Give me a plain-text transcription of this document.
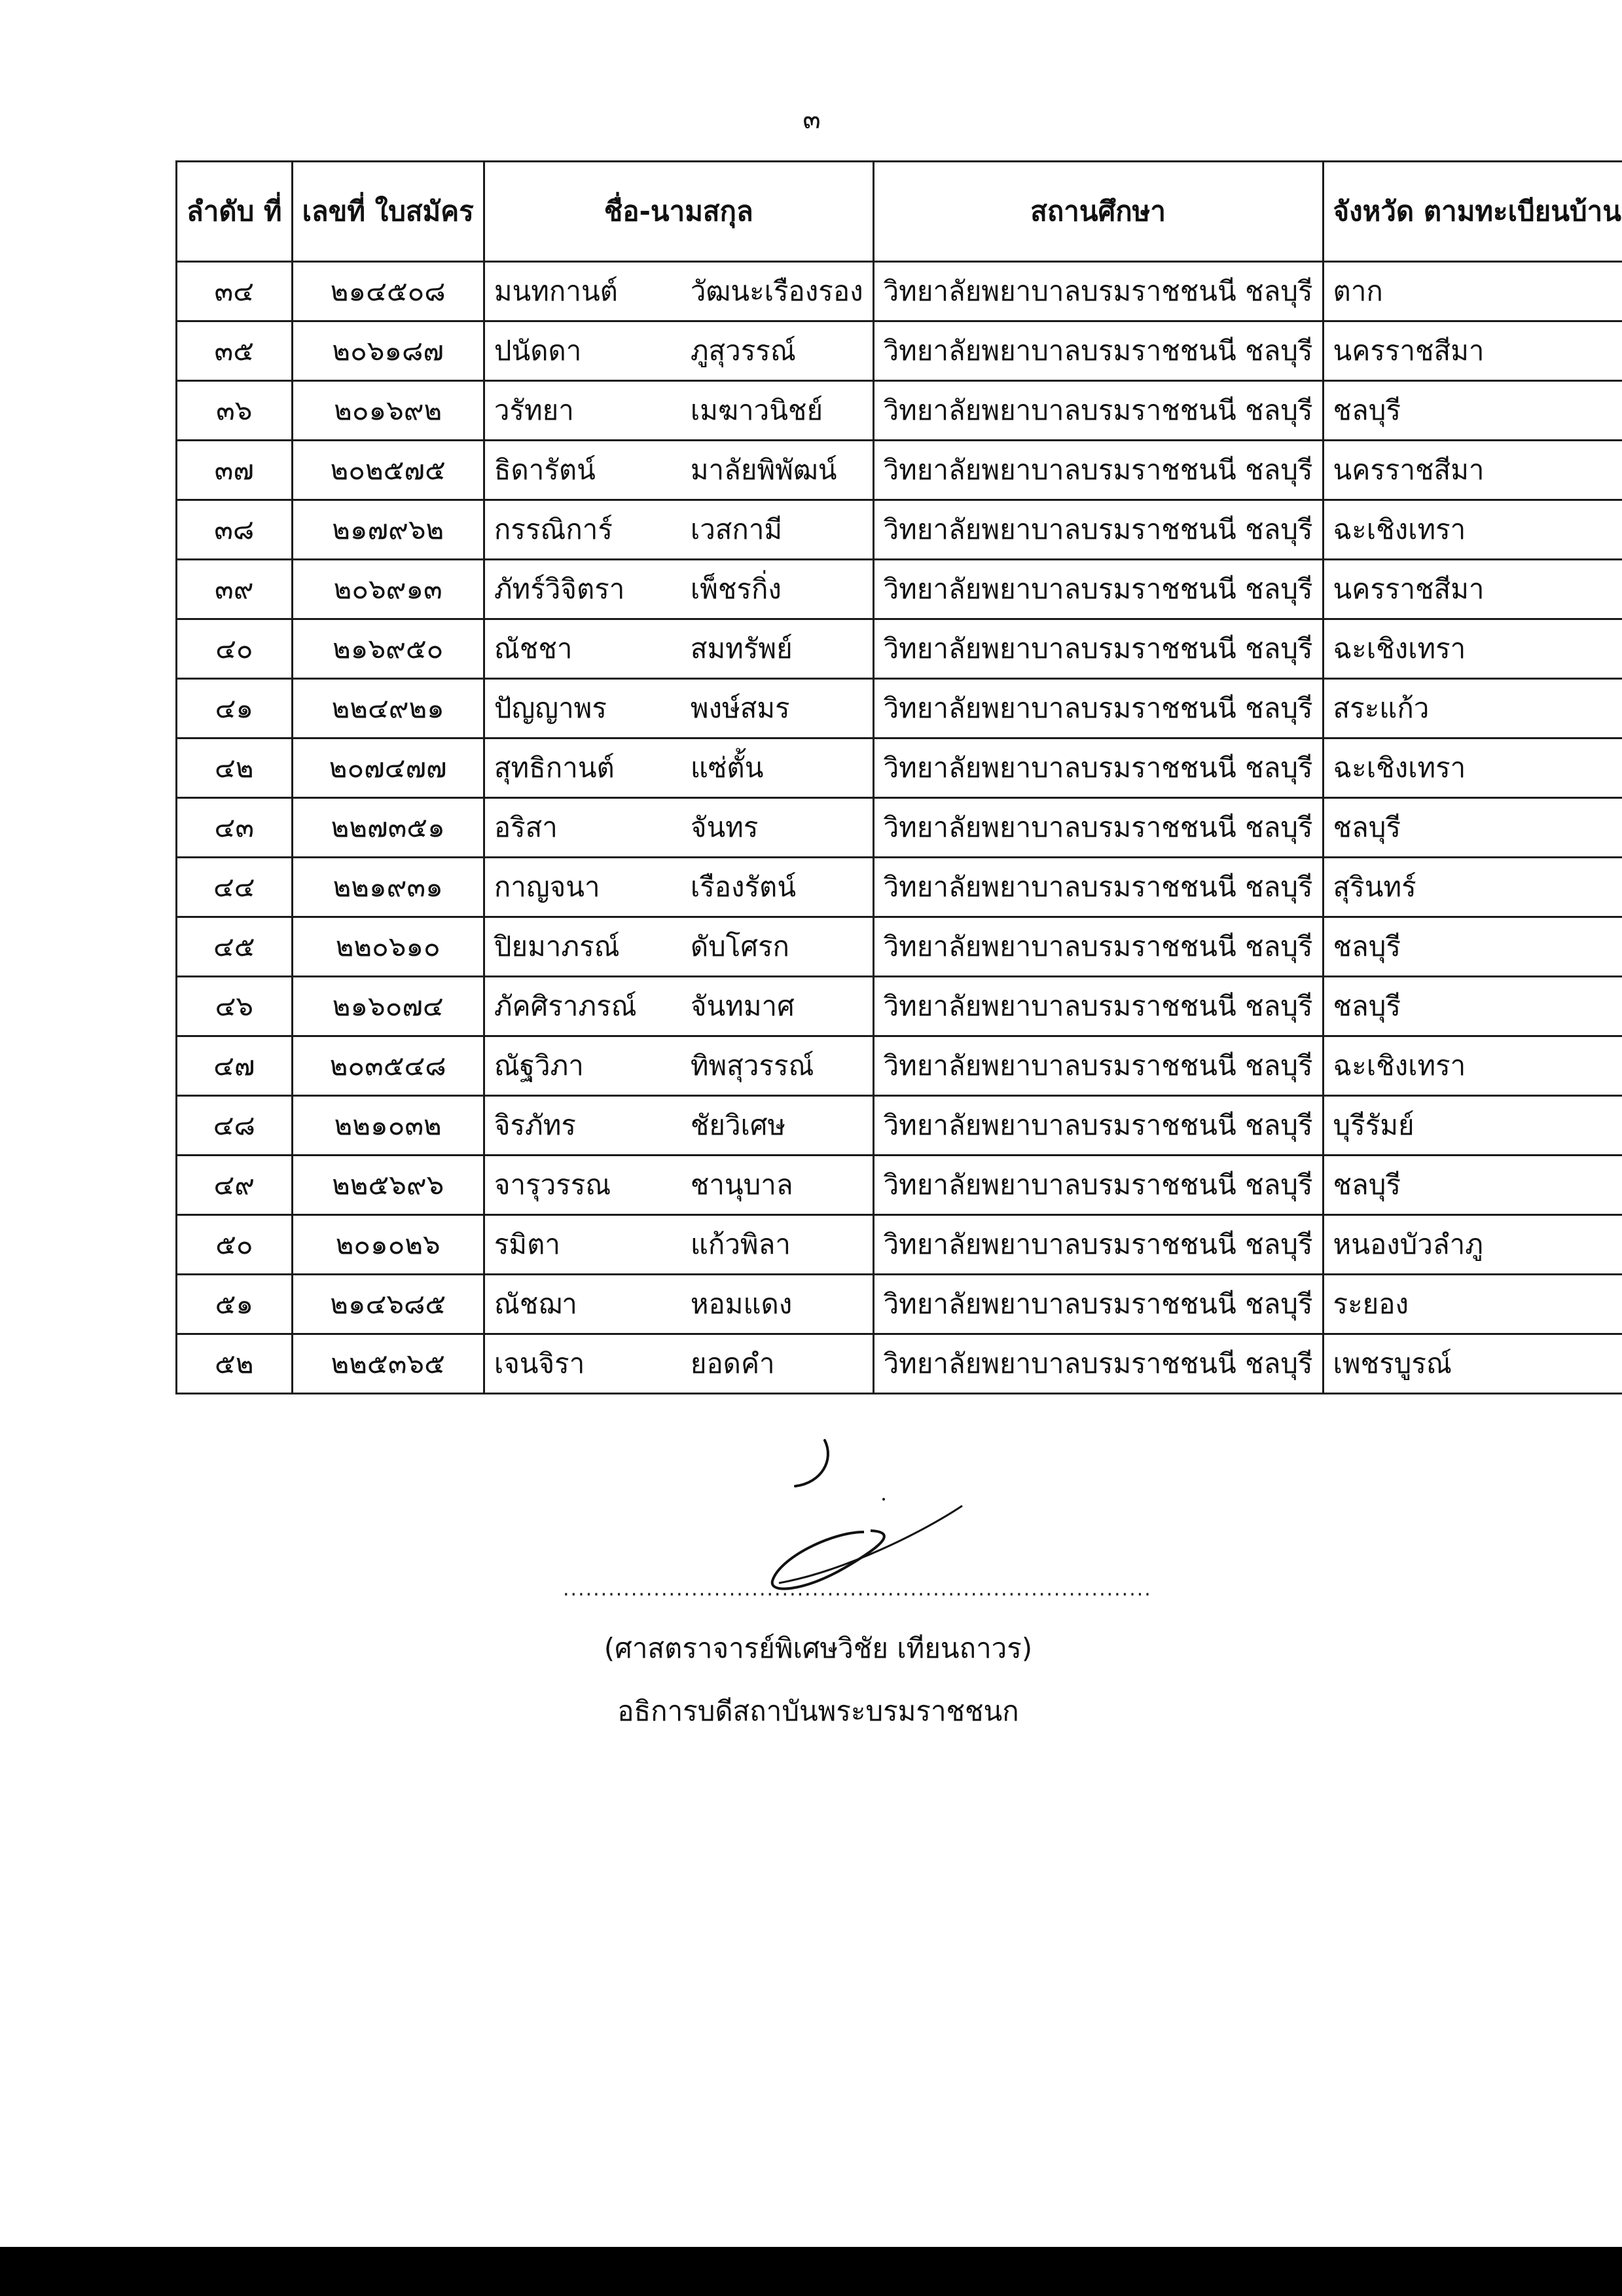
๓
ลำดับ ที่	เลขที่ ใบสมัคร	ชื่อ-นามสกุล	สถานศึกษา	จังหวัด ตามทะเบียนบ้าน
๓๔	๒๑๔๕๐๘	มนทกานต์ วัฒนะเรืองรอง	วิทยาลัยพยาบาลบรมราชชนนี ชลบุรี	ตาก
๓๕	๒๐๖๑๘๗	ปนัดดา ภูสุวรรณ์	วิทยาลัยพยาบาลบรมราชชนนี ชลบุรี	นครราชสีมา
๓๖	๒๐๑๖๙๒	วรัทยา เมฆาวนิชย์	วิทยาลัยพยาบาลบรมราชชนนี ชลบุรี	ชลบุรี
๓๗	๒๐๒๕๗๕	ธิดารัตน์ มาลัยพิพัฒน์	วิทยาลัยพยาบาลบรมราชชนนี ชลบุรี	นครราชสีมา
๓๘	๒๑๗๙๖๒	กรรณิการ์ เวสกามี	วิทยาลัยพยาบาลบรมราชชนนี ชลบุรี	ฉะเชิงเทรา
๓๙	๒๐๖๙๑๓	ภัทร์วิจิตรา เพ็ชรกิ่ง	วิทยาลัยพยาบาลบรมราชชนนี ชลบุรี	นครราชสีมา
๔๐	๒๑๖๙๕๐	ณัชชา สมทรัพย์	วิทยาลัยพยาบาลบรมราชชนนี ชลบุรี	ฉะเชิงเทรา
๔๑	๒๒๔๙๒๑	ปัญญาพร พงษ์สมร	วิทยาลัยพยาบาลบรมราชชนนี ชลบุรี	สระแก้ว
๔๒	๒๐๗๔๗๗	สุทธิกานต์ แซ่ตั้น	วิทยาลัยพยาบาลบรมราชชนนี ชลบุรี	ฉะเชิงเทรา
๔๓	๒๒๗๓๕๑	อริสา จันทร	วิทยาลัยพยาบาลบรมราชชนนี ชลบุรี	ชลบุรี
๔๔	๒๒๑๙๓๑	กาญจนา เรืองรัตน์	วิทยาลัยพยาบาลบรมราชชนนี ชลบุรี	สุรินทร์
๔๕	๒๒๐๖๑๐	ปิยมาภรณ์ ดับโศรก	วิทยาลัยพยาบาลบรมราชชนนี ชลบุรี	ชลบุรี
๔๖	๒๑๖๐๗๔	ภัคศิราภรณ์ จันทมาศ	วิทยาลัยพยาบาลบรมราชชนนี ชลบุรี	ชลบุรี
๔๗	๒๐๓๕๔๘	ณัฐวิภา ทิพสุวรรณ์	วิทยาลัยพยาบาลบรมราชชนนี ชลบุรี	ฉะเชิงเทรา
๔๘	๒๒๑๐๓๒	จิรภัทร ชัยวิเศษ	วิทยาลัยพยาบาลบรมราชชนนี ชลบุรี	บุรีรัมย์
๔๙	๒๒๕๖๙๖	จารุวรรณ ชานุบาล	วิทยาลัยพยาบาลบรมราชชนนี ชลบุรี	ชลบุรี
๕๐	๒๐๑๐๒๖	รมิตา แก้วพิลา	วิทยาลัยพยาบาลบรมราชชนนี ชลบุรี	หนองบัวลำภู
๕๑	๒๑๔๖๘๕	ณัชฌา หอมแดง	วิทยาลัยพยาบาลบรมราชชนนี ชลบุรี	ระยอง
๕๒	๒๒๕๓๖๕	เจนจิรา ยอดคำ	วิทยาลัยพยาบาลบรมราชชนนี ชลบุรี	เพชรบูรณ์
..............................................................................
(ศาสตราจารย์พิเศษวิชัย เทียนถาวร)
อธิการบดีสถาบันพระบรมราชชนก
